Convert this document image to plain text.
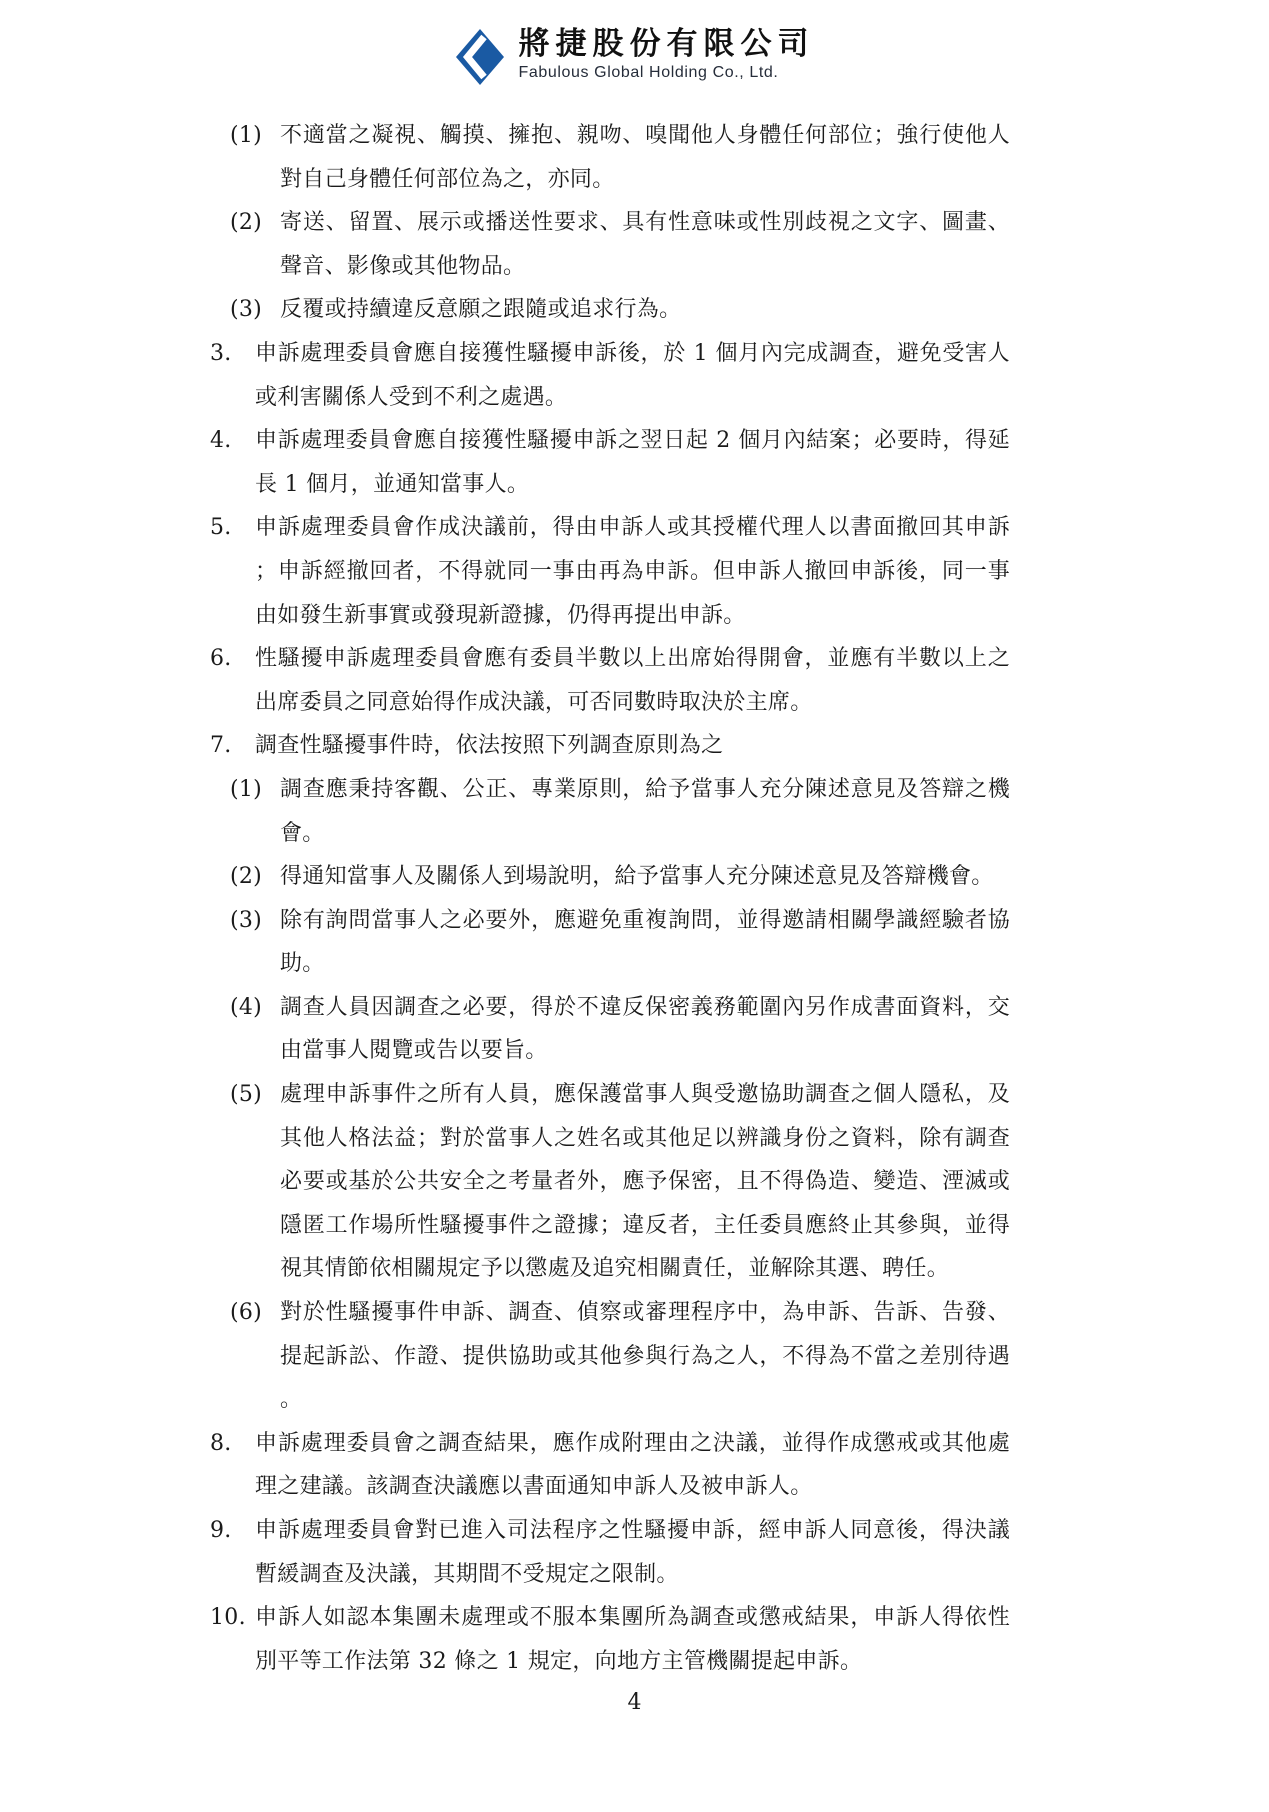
將捷股份有限公司
Fabulous Global Holding Co., Ltd.
(1) 不適當之凝視、觸摸、擁抱、親吻、嗅聞他人身體任何部位；強行使他人
對自己身體任何部位為之，亦同。
(2) 寄送、留置、展示或播送性要求、具有性意味或性別歧視之文字、圖畫、
聲音、影像或其他物品。
(3) 反覆或持續違反意願之跟隨或追求行為。
3.	申訴處理委員會應自接獲性騷擾申訴後，於 1 個月內完成調查，避免受害人
或利害關係人受到不利之處遇。
4.	申訴處理委員會應自接獲性騷擾申訴之翌日起 2 個月內結案；必要時，得延
長 1 個月，並通知當事人。
5.	申訴處理委員會作成決議前，得由申訴人或其授權代理人以書面撤回其申訴
；申訴經撤回者，不得就同一事由再為申訴。但申訴人撤回申訴後，同一事
由如發生新事實或發現新證據，仍得再提出申訴。
6.	性騷擾申訴處理委員會應有委員半數以上出席始得開會，並應有半數以上之
出席委員之同意始得作成決議，可否同數時取決於主席。
7.	調查性騷擾事件時，依法按照下列調查原則為之
(1) 調查應秉持客觀、公正、專業原則，給予當事人充分陳述意見及答辯之機
會。
(2) 得通知當事人及關係人到場說明，給予當事人充分陳述意見及答辯機會。
(3) 除有詢問當事人之必要外，應避免重複詢問，並得邀請相關學識經驗者協
助。
(4) 調查人員因調查之必要，得於不違反保密義務範圍內另作成書面資料，交
由當事人閱覽或告以要旨。
(5) 處理申訴事件之所有人員，應保護當事人與受邀協助調查之個人隱私，及
其他人格法益；對於當事人之姓名或其他足以辨識身份之資料，除有調查
必要或基於公共安全之考量者外，應予保密，且不得偽造、變造、湮滅或
隱匿工作場所性騷擾事件之證據；違反者，主任委員應終止其參與，並得
視其情節依相關規定予以懲處及追究相關責任，並解除其選、聘任。
(6) 對於性騷擾事件申訴、調查、偵察或審理程序中，為申訴、告訴、告發、
提起訴訟、作證、提供協助或其他參與行為之人，不得為不當之差別待遇
。
8.	申訴處理委員會之調查結果，應作成附理由之決議，並得作成懲戒或其他處
理之建議。該調查決議應以書面通知申訴人及被申訴人。
9.	申訴處理委員會對已進入司法程序之性騷擾申訴，經申訴人同意後，得決議
暫緩調查及決議，其期間不受規定之限制。
10. 申訴人如認本集團未處理或不服本集團所為調查或懲戒結果，申訴人得依性
別平等工作法第 32 條之 1 規定，向地方主管機關提起申訴。
4
